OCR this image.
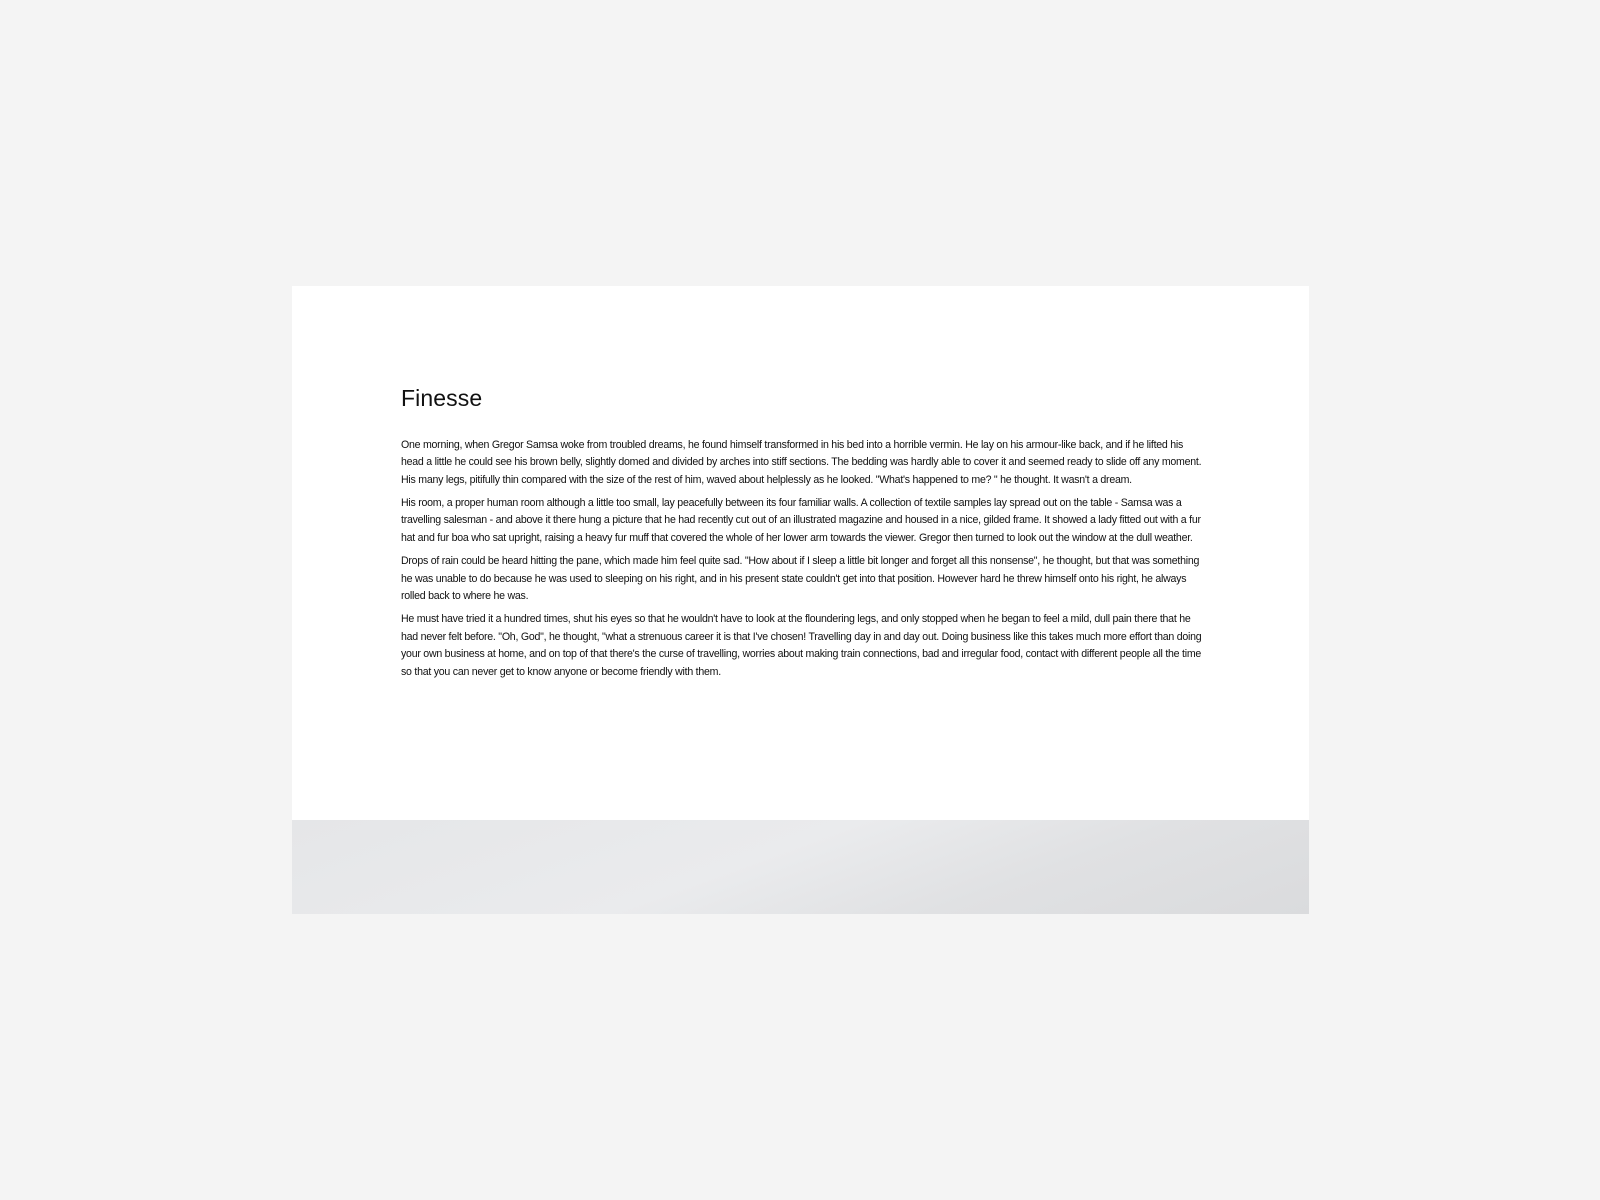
Finesse

One morning, when Gregor Samsa woke from troubled dreams, he found himself transformed in his bed into a horrible vermin. He lay on his armour-like back, and if he lifted his head a little he could see his brown belly, slightly domed and divided by arches into stiff sections. The bedding was hardly able to cover it and seemed ready to slide off any moment. His many legs, pitifully thin compared with the size of the rest of him, waved about helplessly as he looked. "What's happened to me? " he thought. It wasn't a dream.

His room, a proper human room although a little too small, lay peacefully between its four familiar walls. A collection of textile samples lay spread out on the table - Samsa was a travelling salesman - and above it there hung a picture that he had recently cut out of an illustrated magazine and housed in a nice, gilded frame. It showed a lady fitted out with a fur hat and fur boa who sat upright, raising a heavy fur muff that covered the whole of her lower arm towards the viewer. Gregor then turned to look out the window at the dull weather.

Drops of rain could be heard hitting the pane, which made him feel quite sad. "How about if I sleep a little bit longer and forget all this nonsense", he thought, but that was something he was unable to do because he was used to sleeping on his right, and in his present state couldn't get into that position. However hard he threw himself onto his right, he always rolled back to where he was.

He must have tried it a hundred times, shut his eyes so that he wouldn't have to look at the floundering legs, and only stopped when he began to feel a mild, dull pain there that he had never felt before. "Oh, God", he thought, "what a strenuous career it is that I've chosen! Travelling day in and day out. Doing business like this takes much more effort than doing your own business at home, and on top of that there's the curse of travelling, worries about making train connections, bad and irregular food, contact with different people all the time so that you can never get to know anyone or become friendly with them.
